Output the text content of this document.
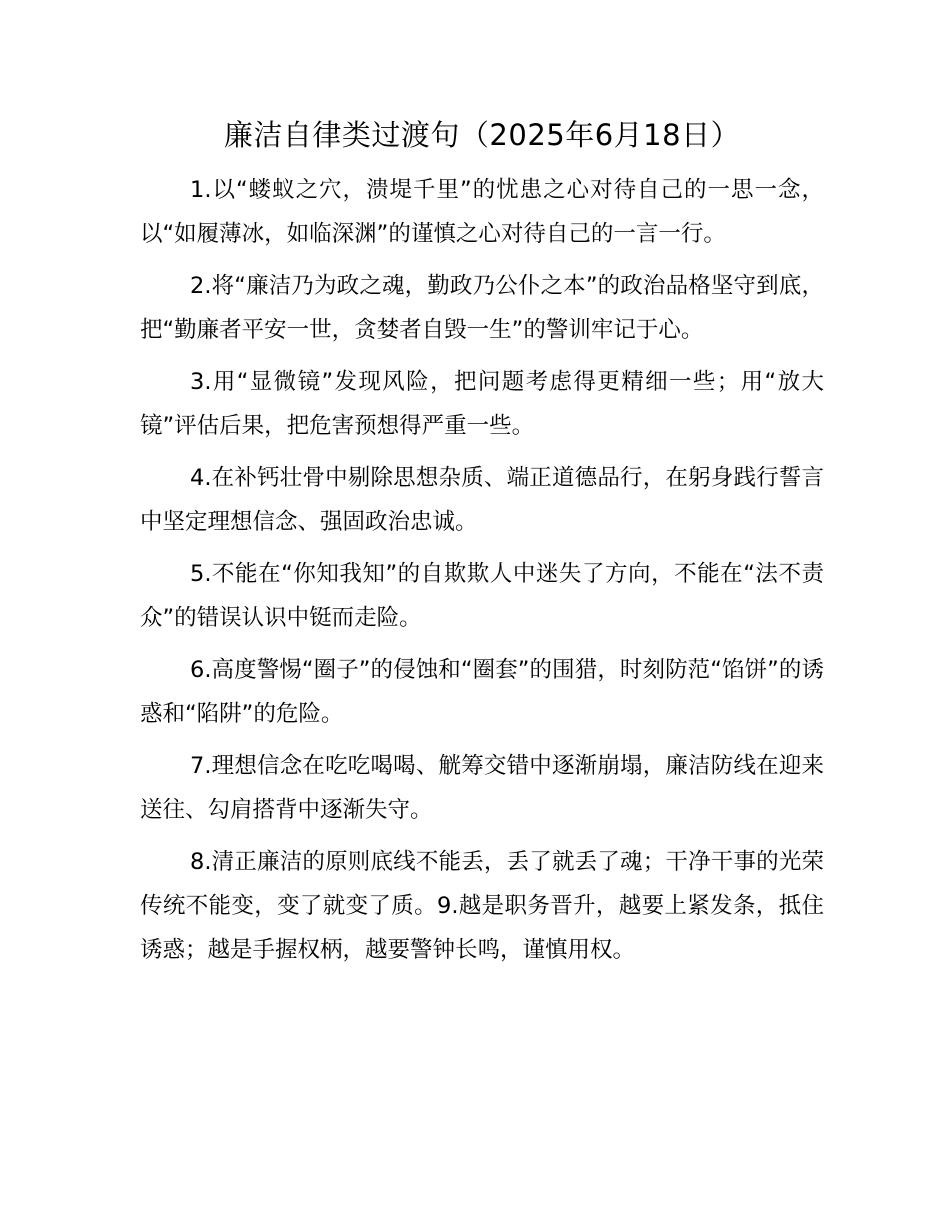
廉洁自律类过渡句（2025年6月18日）

1.以“蝼蚁之穴，溃堤千里”的忧患之心对待自己的一思一念，以“如履薄冰，如临深渊”的谨慎之心对待自己的一言一行。

2.将“廉洁乃为政之魂，勤政乃公仆之本”的政治品格坚守到底，把“勤廉者平安一世，贪婪者自毁一生”的警训牢记于心。

3.用“显微镜”发现风险，把问题考虑得更精细一些；用“放大镜”评估后果，把危害预想得严重一些。

4.在补钙壮骨中剔除思想杂质、端正道德品行，在躬身践行誓言中坚定理想信念、强固政治忠诚。

5.不能在“你知我知”的自欺欺人中迷失了方向，不能在“法不责众”的错误认识中铤而走险。

6.高度警惕“圈子”的侵蚀和“圈套”的围猎，时刻防范“馅饼”的诱惑和“陷阱”的危险。

7.理想信念在吃吃喝喝、觥筹交错中逐渐崩塌，廉洁防线在迎来送往、勾肩搭背中逐渐失守。

8.清正廉洁的原则底线不能丢，丢了就丢了魂；干净干事的光荣传统不能变，变了就变了质。9.越是职务晋升，越要上紧发条，抵住诱惑；越是手握权柄，越要警钟长鸣，谨慎用权。
